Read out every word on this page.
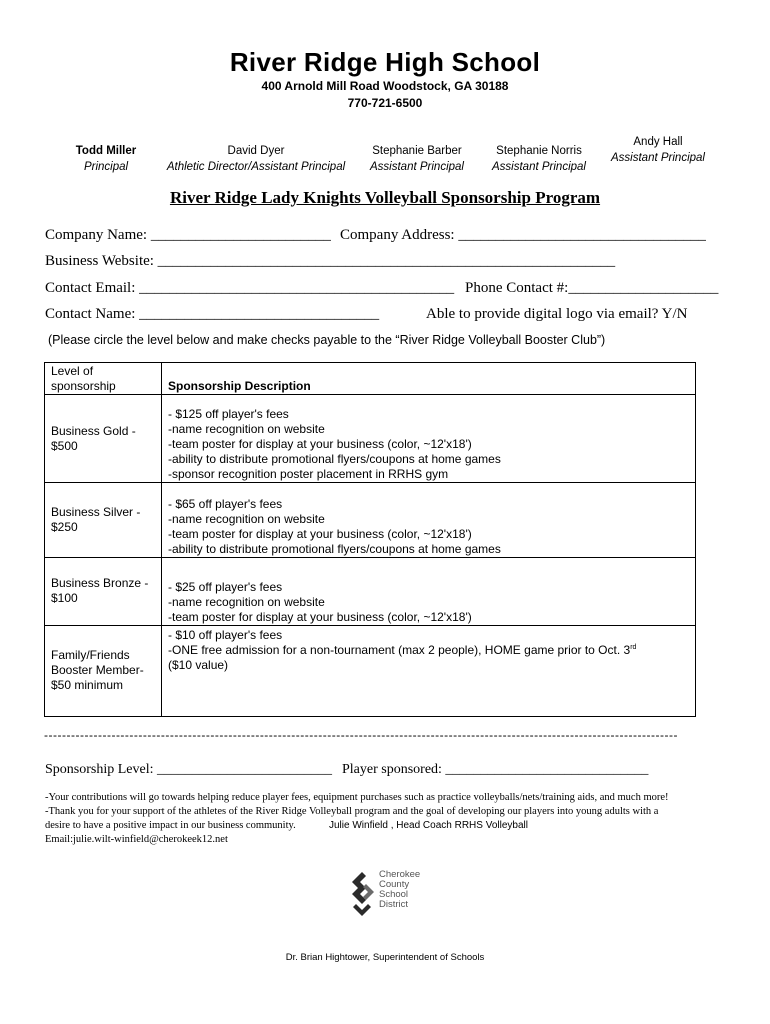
River Ridge High School
400 Arnold Mill Road Woodstock, GA 30188
770-721-6500
Todd Miller
Principal
David Dyer
Athletic Director/Assistant Principal
Stephanie Barber
Assistant Principal
Stephanie Norris
Assistant Principal
Andy Hall
Assistant Principal
River Ridge Lady Knights Volleyball Sponsorship Program
Company Name: ________________________ Company Address: _________________________________
Business Website: _____________________________________________________________
Contact Email: __________________________________________ Phone Contact #:____________________
Contact Name: ________________________________	Able to provide digital logo via email? Y/N
(Please circle the level below and make checks payable to the “River Ridge Volleyball Booster Club”)
Level of
sponsorship	Sponsorship Description

Business Gold -
$500	- $125 off player's fees
-name recognition on website
-team poster for display at your business (color, ~12'x18')
-ability to distribute promotional flyers/coupons at home games
-sponsor recognition poster placement in RRHS gym

Business Silver -
$250	- $65 off player's fees
-name recognition on website
-team poster for display at your business (color, ~12'x18')
-ability to distribute promotional flyers/coupons at home games

Business Bronze -
$100	- $25 off player's fees
-name recognition on website
-team poster for display at your business (color, ~12'x18')

Family/Friends
Booster Member-
$50 minimum	- $10 off player's fees
-ONE free admission for a non-tournament (max 2 people), HOME game prior to Oct. 3rd
($10 value)
---------------------------------------------------------------------------------------------------------------------------------------------
Sponsorship Level: _________________________ Player sponsored: _____________________________
-Your contributions will go towards helping reduce player fees, equipment purchases such as practice volleyballs/nets/training aids, and much more!
-Thank you for your support of the athletes of the River Ridge Volleyball program and the goal of developing our players into young adults with a
desire to have a positive impact in our business community.	Julie Winfield , Head Coach RRHS Volleyball
Email:julie.wilt-winfield@cherokeek12.net
Cherokee
County
School
District
Dr. Brian Hightower, Superintendent of Schools
